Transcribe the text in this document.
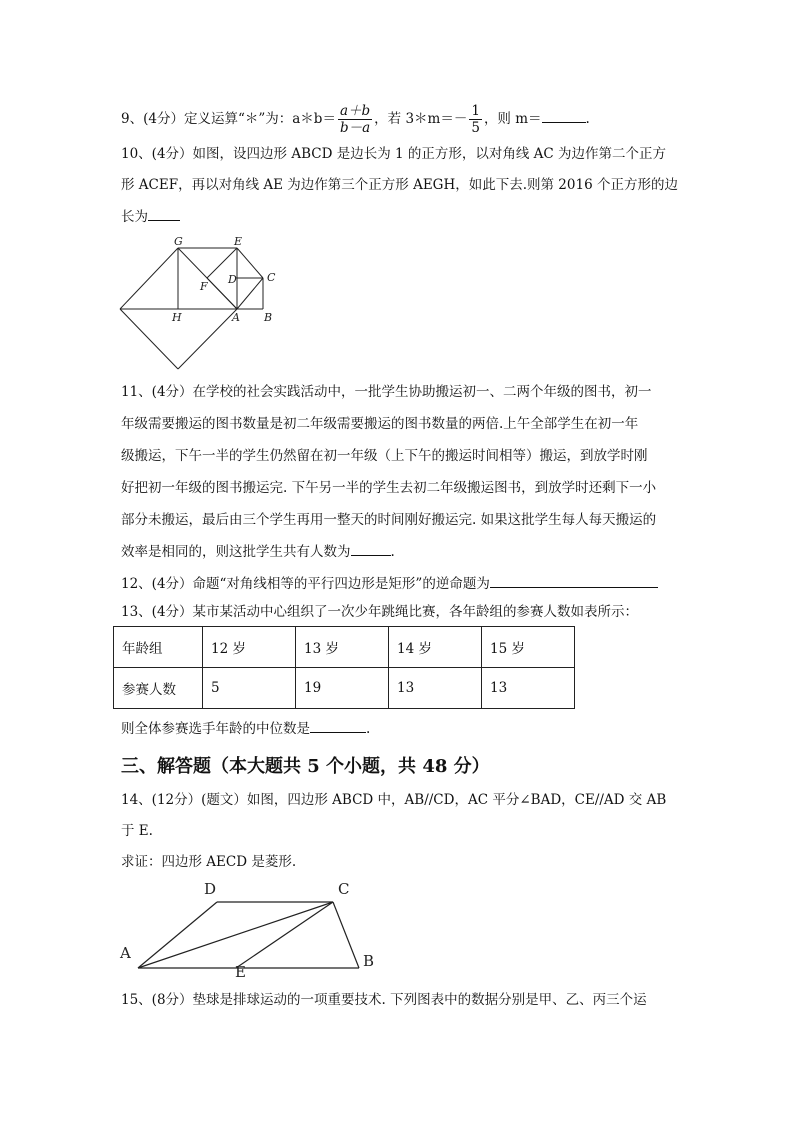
9、(4分）定义运算“＊”为：a＊b＝ $\frac{a+b}{b-a}$ ，若 3＊m＝－ $\frac{1}{5}$ ，则 m＝	.
10、(4分）如图，设四边形 ABCD 是边长为 1 的正方形，以对角线 AC 为边作第二个正方
形 ACEF，再以对角线 AE 为边作第三个正方形 AEGH，如此下去.则第 2016 个正方形的边
长为
G	E
D	C
F
H	A B
11、(4分）在学校的社会实践活动中，一批学生协助搬运初一、二两个年级的图书，初一
年级需要搬运的图书数量是初二年级需要搬运的图书数量的两倍.上午全部学生在初一年
级搬运，下午一半的学生仍然留在初一年级（上下午的搬运时间相等）搬运，到放学时刚
好把初一年级的图书搬运完. 下午另一半的学生去初二年级搬运图书，到放学时还剩下一小
部分未搬运，最后由三个学生再用一整天的时间刚好搬运完. 如果这批学生每人每天搬运的
效率是相同的，则这批学生共有人数为	.
12、(4分）命题“对角线相等的平行四边形是矩形”的逆命题为
13、(4分）某市某活动中心组织了一次少年跳绳比赛，各年龄组的参赛人数如表所示：
年龄组	12 岁	13 岁	14 岁	15 岁
参赛人数	5	19	13	13
则全体参赛选手年龄的中位数是	.
三、解答题（本大题共 5 个小题，共 48 分）
14、(12分）(题文）如图，四边形 ABCD 中，AB//CD，AC 平分∠BAD，CE//AD 交 AB
于 E.
求证：四边形 AECD 是菱形.
D	C
A
E
B
15、(8分）垫球是排球运动的一项重要技术. 下列图表中的数据分别是甲、乙、丙三个运
